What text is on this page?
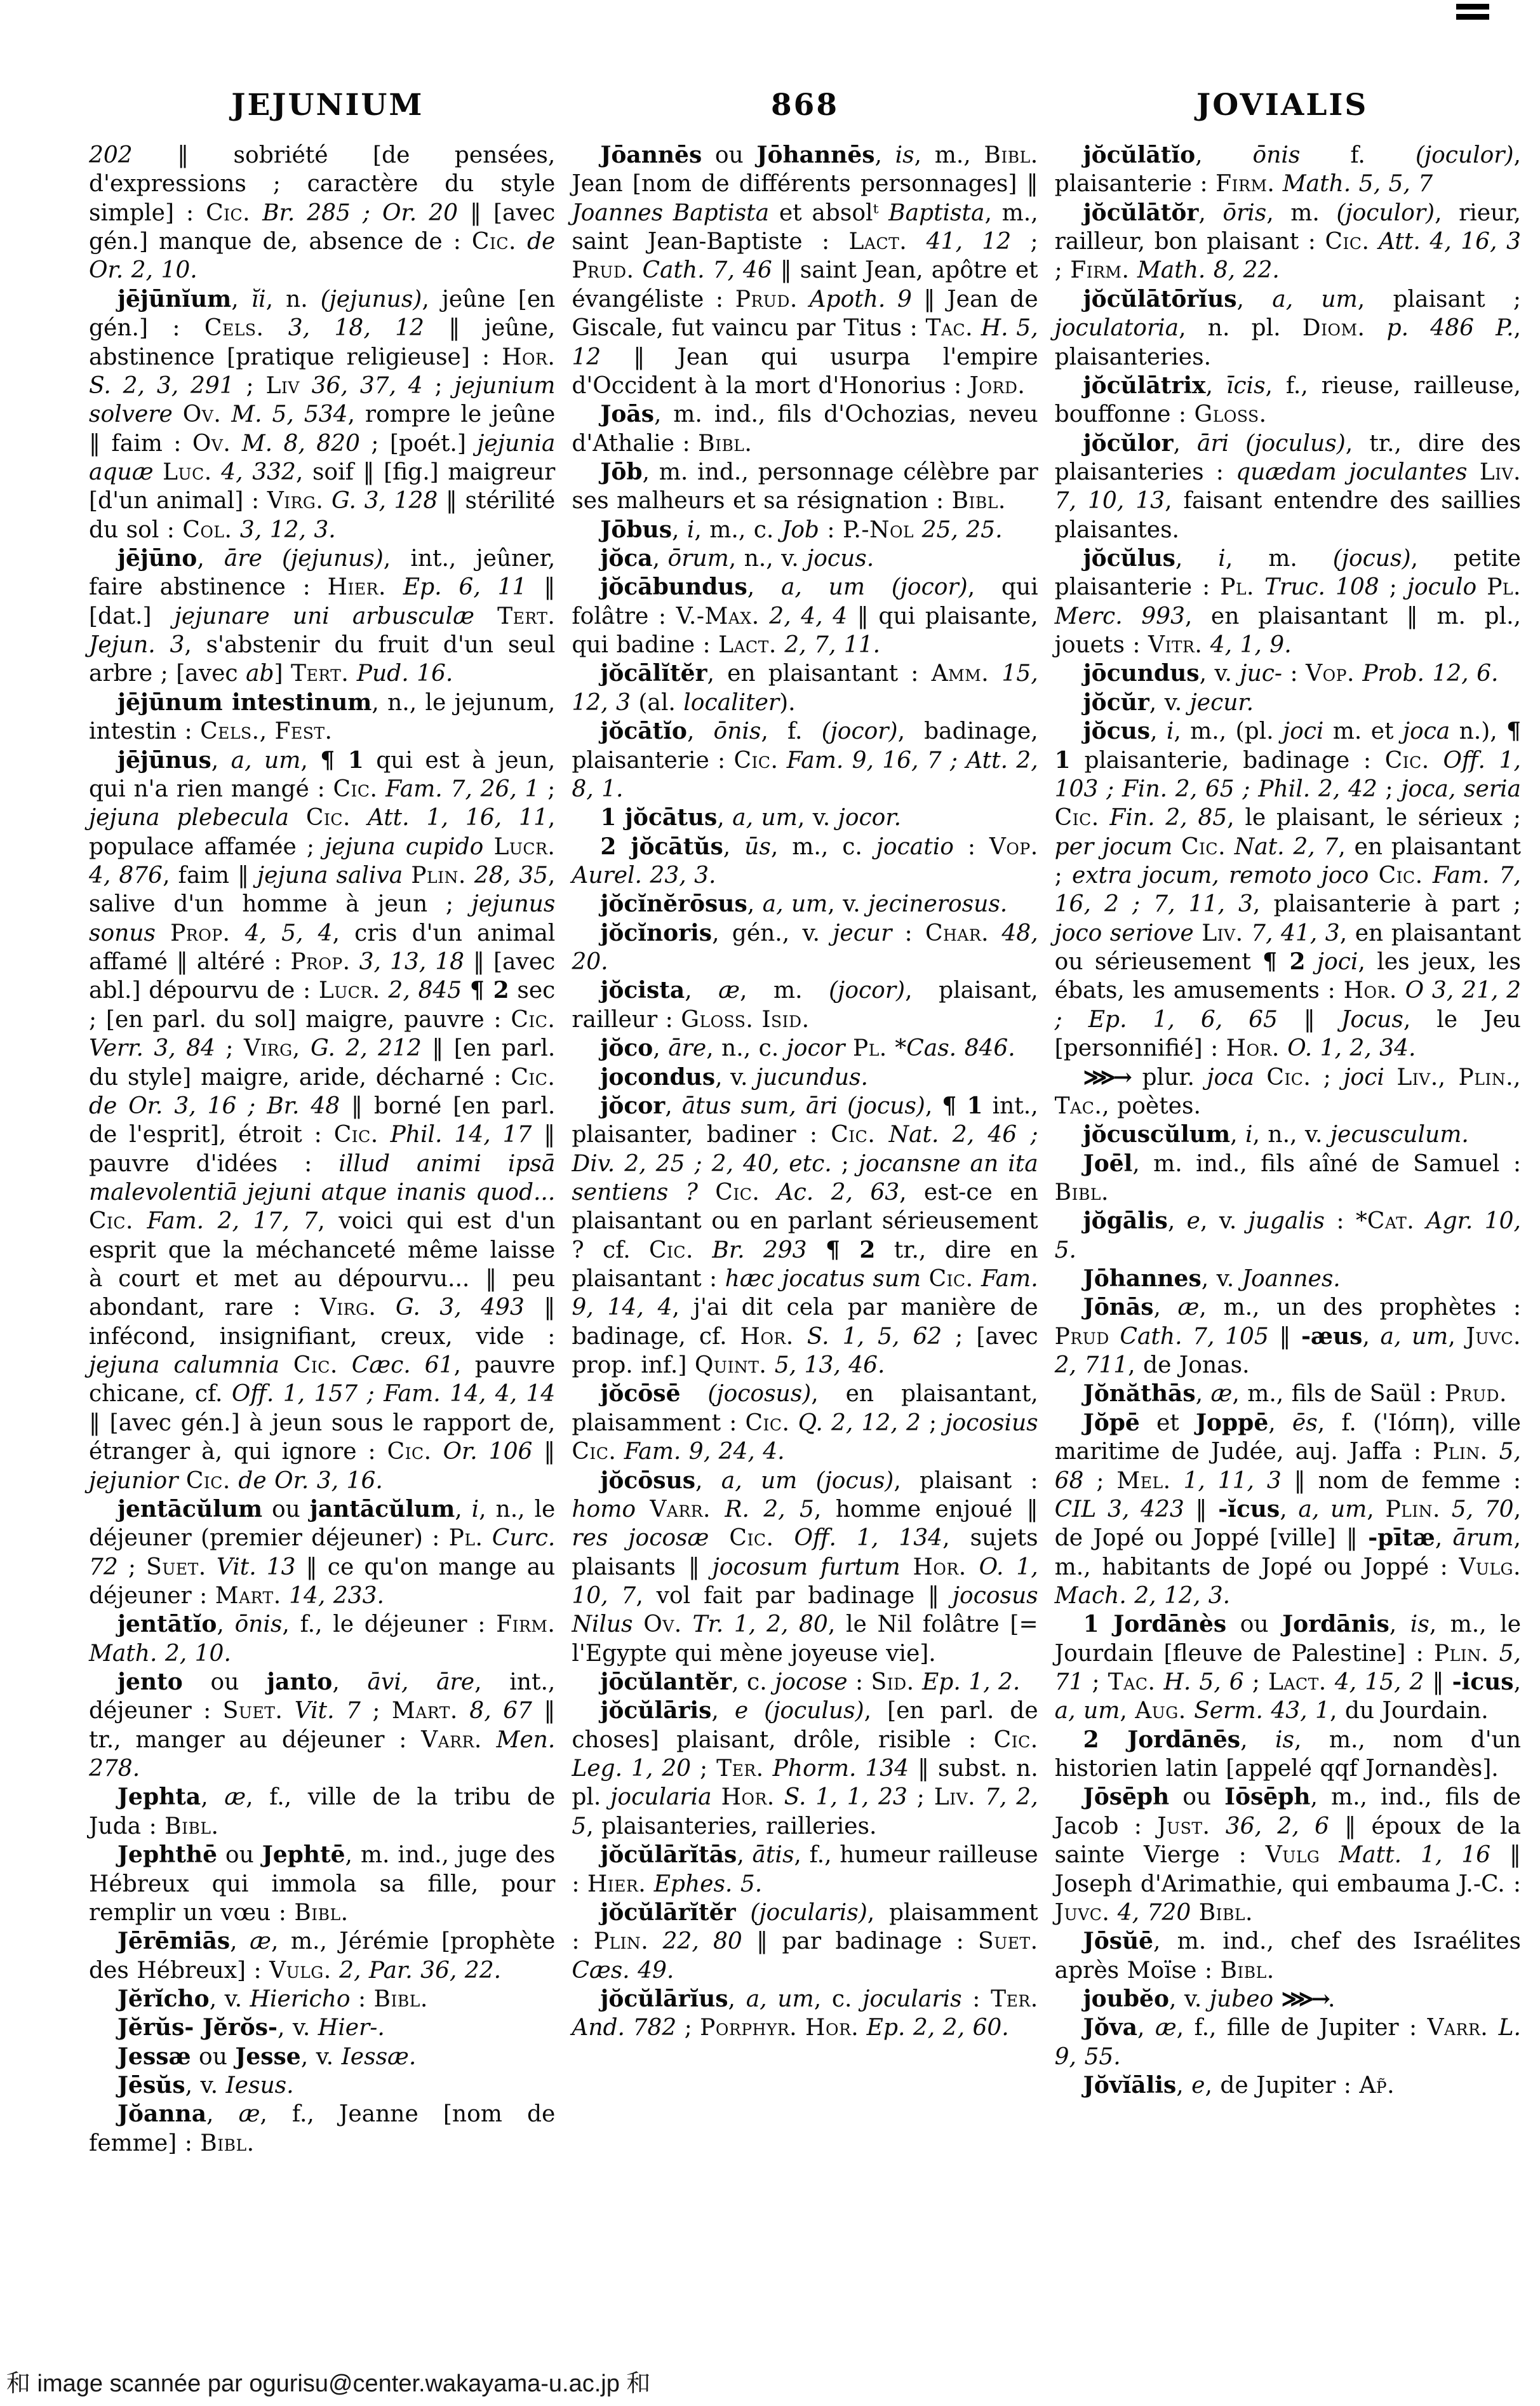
JEJUNIUM	868	JOVIALIS

202 ‖ sobriété [de pensées, d'expressions ; caractère du style simple] : Cic. Br. 285 ; Or. 20 ‖ [avec gén.] manque de, absence de : Cic. de Or. 2, 10.

jējūnĭum, ĭi, n. (jejunus), jeûne [en gén.] : Cels. 3, 18, 12 ‖ jeûne, abstinence [pratique religieuse] : Hor. S. 2, 3, 291 ; Liv 36, 37, 4 ; jejunium solvere Ov. M. 5, 534, rompre le jeûne ‖ faim : Ov. M. 8, 820 ; [poét.] jejunia aquæ Luc. 4, 332, soif ‖ [fig.] maigreur [d'un animal] : Virg. G. 3, 128 ‖ stérilité du sol : Col. 3, 12, 3.

jējūno, āre (jejunus), int., jeûner, faire abstinence : Hier. Ep. 6, 11 ‖ [dat.] jejunare uni arbusculæ Tert. Jejun. 3, s'abstenir du fruit d'un seul arbre ; [avec ab] Tert. Pud. 16.

jējūnum intestinum, n., le jejunum, intestin : Cels., Fest.

jējūnus, a, um, ¶ 1 qui est à jeun, qui n'a rien mangé : Cic. Fam. 7, 26, 1 ; jejuna plebecula Cic. Att. 1, 16, 11, populace affamée ; jejuna cupido Lucr. 4, 876, faim ‖ jejuna saliva Plin. 28, 35, salive d'un homme à jeun ; jejunus sonus Prop. 4, 5, 4, cris d'un animal affamé ‖ altéré : Prop. 3, 13, 18 ‖ [avec abl.] dépourvu de : Lucr. 2, 845 ¶ 2 sec ; [en parl. du sol] maigre, pauvre : Cic. Verr. 3, 84 ; Virg, G. 2, 212 ‖ [en parl. du style] maigre, aride, décharné : Cic. de Or. 3, 16 ; Br. 48 ‖ borné [en parl. de l'esprit], étroit : Cic. Phil. 14, 17 ‖ pauvre d'idées : illud animi ipsā malevolentiā jejuni atque inanis quod... Cic. Fam. 2, 17, 7, voici qui est d'un esprit que la méchanceté même laisse à court et met au dépourvu... ‖ peu abondant, rare : Virg. G. 3, 493 ‖ infécond, insignifiant, creux, vide : jejuna calumnia Cic. Cæc. 61, pauvre chicane, cf. Off. 1, 157 ; Fam. 14, 4, 14 ‖ [avec gén.] à jeun sous le rapport de, étranger à, qui ignore : Cic. Or. 106 ‖ jejunior Cic. de Or. 3, 16.

jentācŭlum ou jantācŭlum, i, n., le déjeuner (premier déjeuner) : Pl. Curc. 72 ; Suet. Vit. 13 ‖ ce qu'on mange au déjeuner : Mart. 14, 233.

jentātĭo, ōnis, f., le déjeuner : Firm. Math. 2, 10.

jento ou janto, āvi, āre, int., déjeuner : Suet. Vit. 7 ; Mart. 8, 67 ‖ tr., manger au déjeuner : Varr. Men. 278.

Jephta, æ, f., ville de la tribu de Juda : Bibl.

Jephthē ou Jephtē, m. ind., juge des Hébreux qui immola sa fille, pour remplir un vœu : Bibl.

Jērēmiās, æ, m., Jérémie [prophète des Hébreux] : Vulg. 2, Par. 36, 22.

Jĕrĭcho, v. Hiericho : Bibl.

Jĕrŭs- Jĕrŏs-, v. Hier-.

Jessæ ou Jesse, v. Iessæ.

Jēsŭs, v. Iesus.

Jŏanna, æ, f., Jeanne [nom de femme] : Bibl.

Jōannēs ou Jōhannēs, is, m., Bibl. Jean [nom de différents personnages] ‖ Joannes Baptista et absolᵗ Baptista, m., saint Jean-Baptiste : Lact. 41, 12 ; Prud. Cath. 7, 46 ‖ saint Jean, apôtre et évangéliste : Prud. Apoth. 9 ‖ Jean de Giscale, fut vaincu par Titus : Tac. H. 5, 12 ‖ Jean qui usurpa l'empire d'Occident à la mort d'Honorius : Jord.

Joās, m. ind., fils d'Ochozias, neveu d'Athalie : Bibl.

Jōb, m. ind., personnage célèbre par ses malheurs et sa résignation : Bibl.

Jōbus, i, m., c. Job : P.-Nol 25, 25.

jŏca, ōrum, n., v. jocus.

jŏcābundus, a, um (jocor), qui folâtre : V.-Max. 2, 4, 4 ‖ qui plaisante, qui badine : Lact. 2, 7, 11.

jŏcālĭtĕr, en plaisantant : Amm. 15, 12, 3 (al. localiter).

jŏcātĭo, ōnis, f. (jocor), badinage, plaisanterie : Cic. Fam. 9, 16, 7 ; Att. 2, 8, 1.

1 jŏcātus, a, um, v. jocor.

2 jŏcātŭs, ūs, m., c. jocatio : Vop. Aurel. 23, 3.

jŏcĭnĕrōsus, a, um, v. jecinerosus.

jŏcĭnoris, gén., v. jecur : Char. 48, 20.

jŏcista, æ, m. (jocor), plaisant, railleur : Gloss. Isid.

jŏco, āre, n., c. jocor Pl. *Cas. 846.

jocondus, v. jucundus.

jŏcor, ātus sum, āri (jocus), ¶ 1 int., plaisanter, badiner : Cic. Nat. 2, 46 ; Div. 2, 25 ; 2, 40, etc. ; jocansne an ita sentiens ? Cic. Ac. 2, 63, est-ce en plaisantant ou en parlant sérieusement ? cf. Cic. Br. 293 ¶ 2 tr., dire en plaisantant : hæc jocatus sum Cic. Fam. 9, 14, 4, j'ai dit cela par manière de badinage, cf. Hor. S. 1, 5, 62 ; [avec prop. inf.] Quint. 5, 13, 46.

jŏcōsē (jocosus), en plaisantant, plaisamment : Cic. Q. 2, 12, 2 ; jocosius Cic. Fam. 9, 24, 4.

jŏcōsus, a, um (jocus), plaisant : homo Varr. R. 2, 5, homme enjoué ‖ res jocosæ Cic. Off. 1, 134, sujets plaisants ‖ jocosum furtum Hor. O. 1, 10, 7, vol fait par badinage ‖ jocosus Nilus Ov. Tr. 1, 2, 80, le Nil folâtre [= l'Egypte qui mène joyeuse vie].

jōcŭlantĕr, c. jocose : Sid. Ep. 1, 2.

jŏcŭlāris, e (joculus), [en parl. de choses] plaisant, drôle, risible : Cic. Leg. 1, 20 ; Ter. Phorm. 134 ‖ subst. n. pl. jocularia Hor. S. 1, 1, 23 ; Liv. 7, 2, 5, plaisanteries, railleries.

jŏcŭlārĭtās, ātis, f., humeur railleuse : Hier. Ephes. 5.

jŏcŭlārĭtĕr (jocularis), plaisamment : Plin. 22, 80 ‖ par badinage : Suet. Cæs. 49.

jŏcŭlārĭus, a, um, c. jocularis : Ter. And. 782 ; Porphyr. Hor. Ep. 2, 2, 60.

jŏcŭlātĭo, ōnis f. (joculor), plaisanterie : Firm. Math. 5, 5, 7

jŏcŭlātŏr, ōris, m. (joculor), rieur, railleur, bon plaisant : Cic. Att. 4, 16, 3 ; Firm. Math. 8, 22.

jŏcŭlātōrĭus, a, um, plaisant ; joculatoria, n. pl. Diom. p. 486 P., plaisanteries.

jŏcŭlātrix, īcis, f., rieuse, railleuse, bouffonne : Gloss.

jŏcŭlor, āri (joculus), tr., dire des plaisanteries : quædam joculantes Liv. 7, 10, 13, faisant entendre des saillies plaisantes.

jŏcŭlus, i, m. (jocus), petite plaisanterie : Pl. Truc. 108 ; joculo Pl. Merc. 993, en plaisantant ‖ m. pl., jouets : Vitr. 4, 1, 9.

jōcundus, v. juc- : Vop. Prob. 12, 6.

jŏcŭr, v. jecur.

jŏcus, i, m., (pl. joci m. et joca n.), ¶ 1 plaisanterie, badinage : Cic. Off. 1, 103 ; Fin. 2, 65 ; Phil. 2, 42 ; joca, seria Cic. Fin. 2, 85, le plaisant, le sérieux ; per jocum Cic. Nat. 2, 7, en plaisantant ; extra jocum, remoto joco Cic. Fam. 7, 16, 2 ; 7, 11, 3, plaisanterie à part ; joco seriove Liv. 7, 41, 3, en plaisantant ou sérieusement ¶ 2 joci, les jeux, les ébats, les amusements : Hor. O 3, 21, 2 ; Ep. 1, 6, 65 ‖ Jocus, le Jeu [personnifié] : Hor. O. 1, 2, 34.

⋙→ plur. joca Cic. ; joci Liv., Plin., Tac., poètes.

jŏcuscŭlum, i, n., v. jecusculum.

Joēl, m. ind., fils aîné de Samuel : Bibl.

jŏgālis, e, v. jugalis : *Cat. Agr. 10, 5.

Jōhannes, v. Joannes.

Jōnās, æ, m., un des prophètes : Prud Cath. 7, 105 ‖ -æus, a, um, Juvc. 2, 711, de Jonas.

Jŏnăthās, æ, m., fils de Saül : Prud.

Jŏpē et Joppē, ēs, f. ('Ιόπη), ville maritime de Judée, auj. Jaffa : Plin. 5, 68 ; Mel. 1, 11, 3 ‖ nom de femme : CIL 3, 423 ‖ -ĭcus, a, um, Plin. 5, 70, de Jopé ou Joppé [ville] ‖ -pītæ, ārum, m., habitants de Jopé ou Joppé : Vulg. Mach. 2, 12, 3.

1 Jordānès ou Jordānis, is, m., le Jourdain [fleuve de Palestine] : Plin. 5, 71 ; Tac. H. 5, 6 ; Lact. 4, 15, 2 ‖ -icus, a, um, Aug. Serm. 43, 1, du Jourdain.

2 Jordānēs, is, m., nom d'un historien latin [appelé qqf Jornandès].

Jōsēph ou Iōsēph, m., ind., fils de Jacob : Just. 36, 2, 6 ‖ époux de la sainte Vierge : Vulg Matt. 1, 16 ‖ Joseph d'Arimathie, qui embauma J.-C. : Juvc. 4, 720 Bibl.

Jōsŭē, m. ind., chef des Israélites après Moïse : Bibl.

joubĕo, v. jubeo ⋙→.

Jŏva, æ, f., fille de Jupiter : Varr. L. 9, 55.

Jŏvĭālis, e, de Jupiter : Ap̃.

和 image scannée par ogurisu@center.wakayama-u.ac.jp 和
